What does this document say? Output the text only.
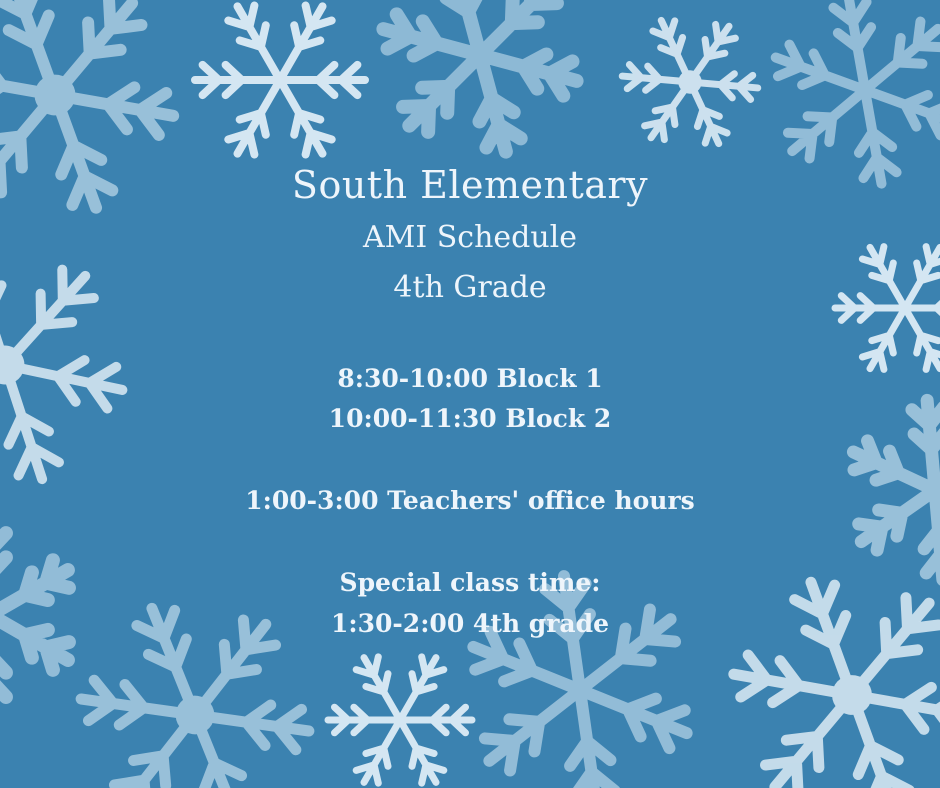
South Elementary
AMI Schedule
4th Grade
8:30-10:00 Block 1
10:00-11:30 Block 2
1:00-3:00 Teachers' office hours
Special class time:
1:30-2:00 4th grade
